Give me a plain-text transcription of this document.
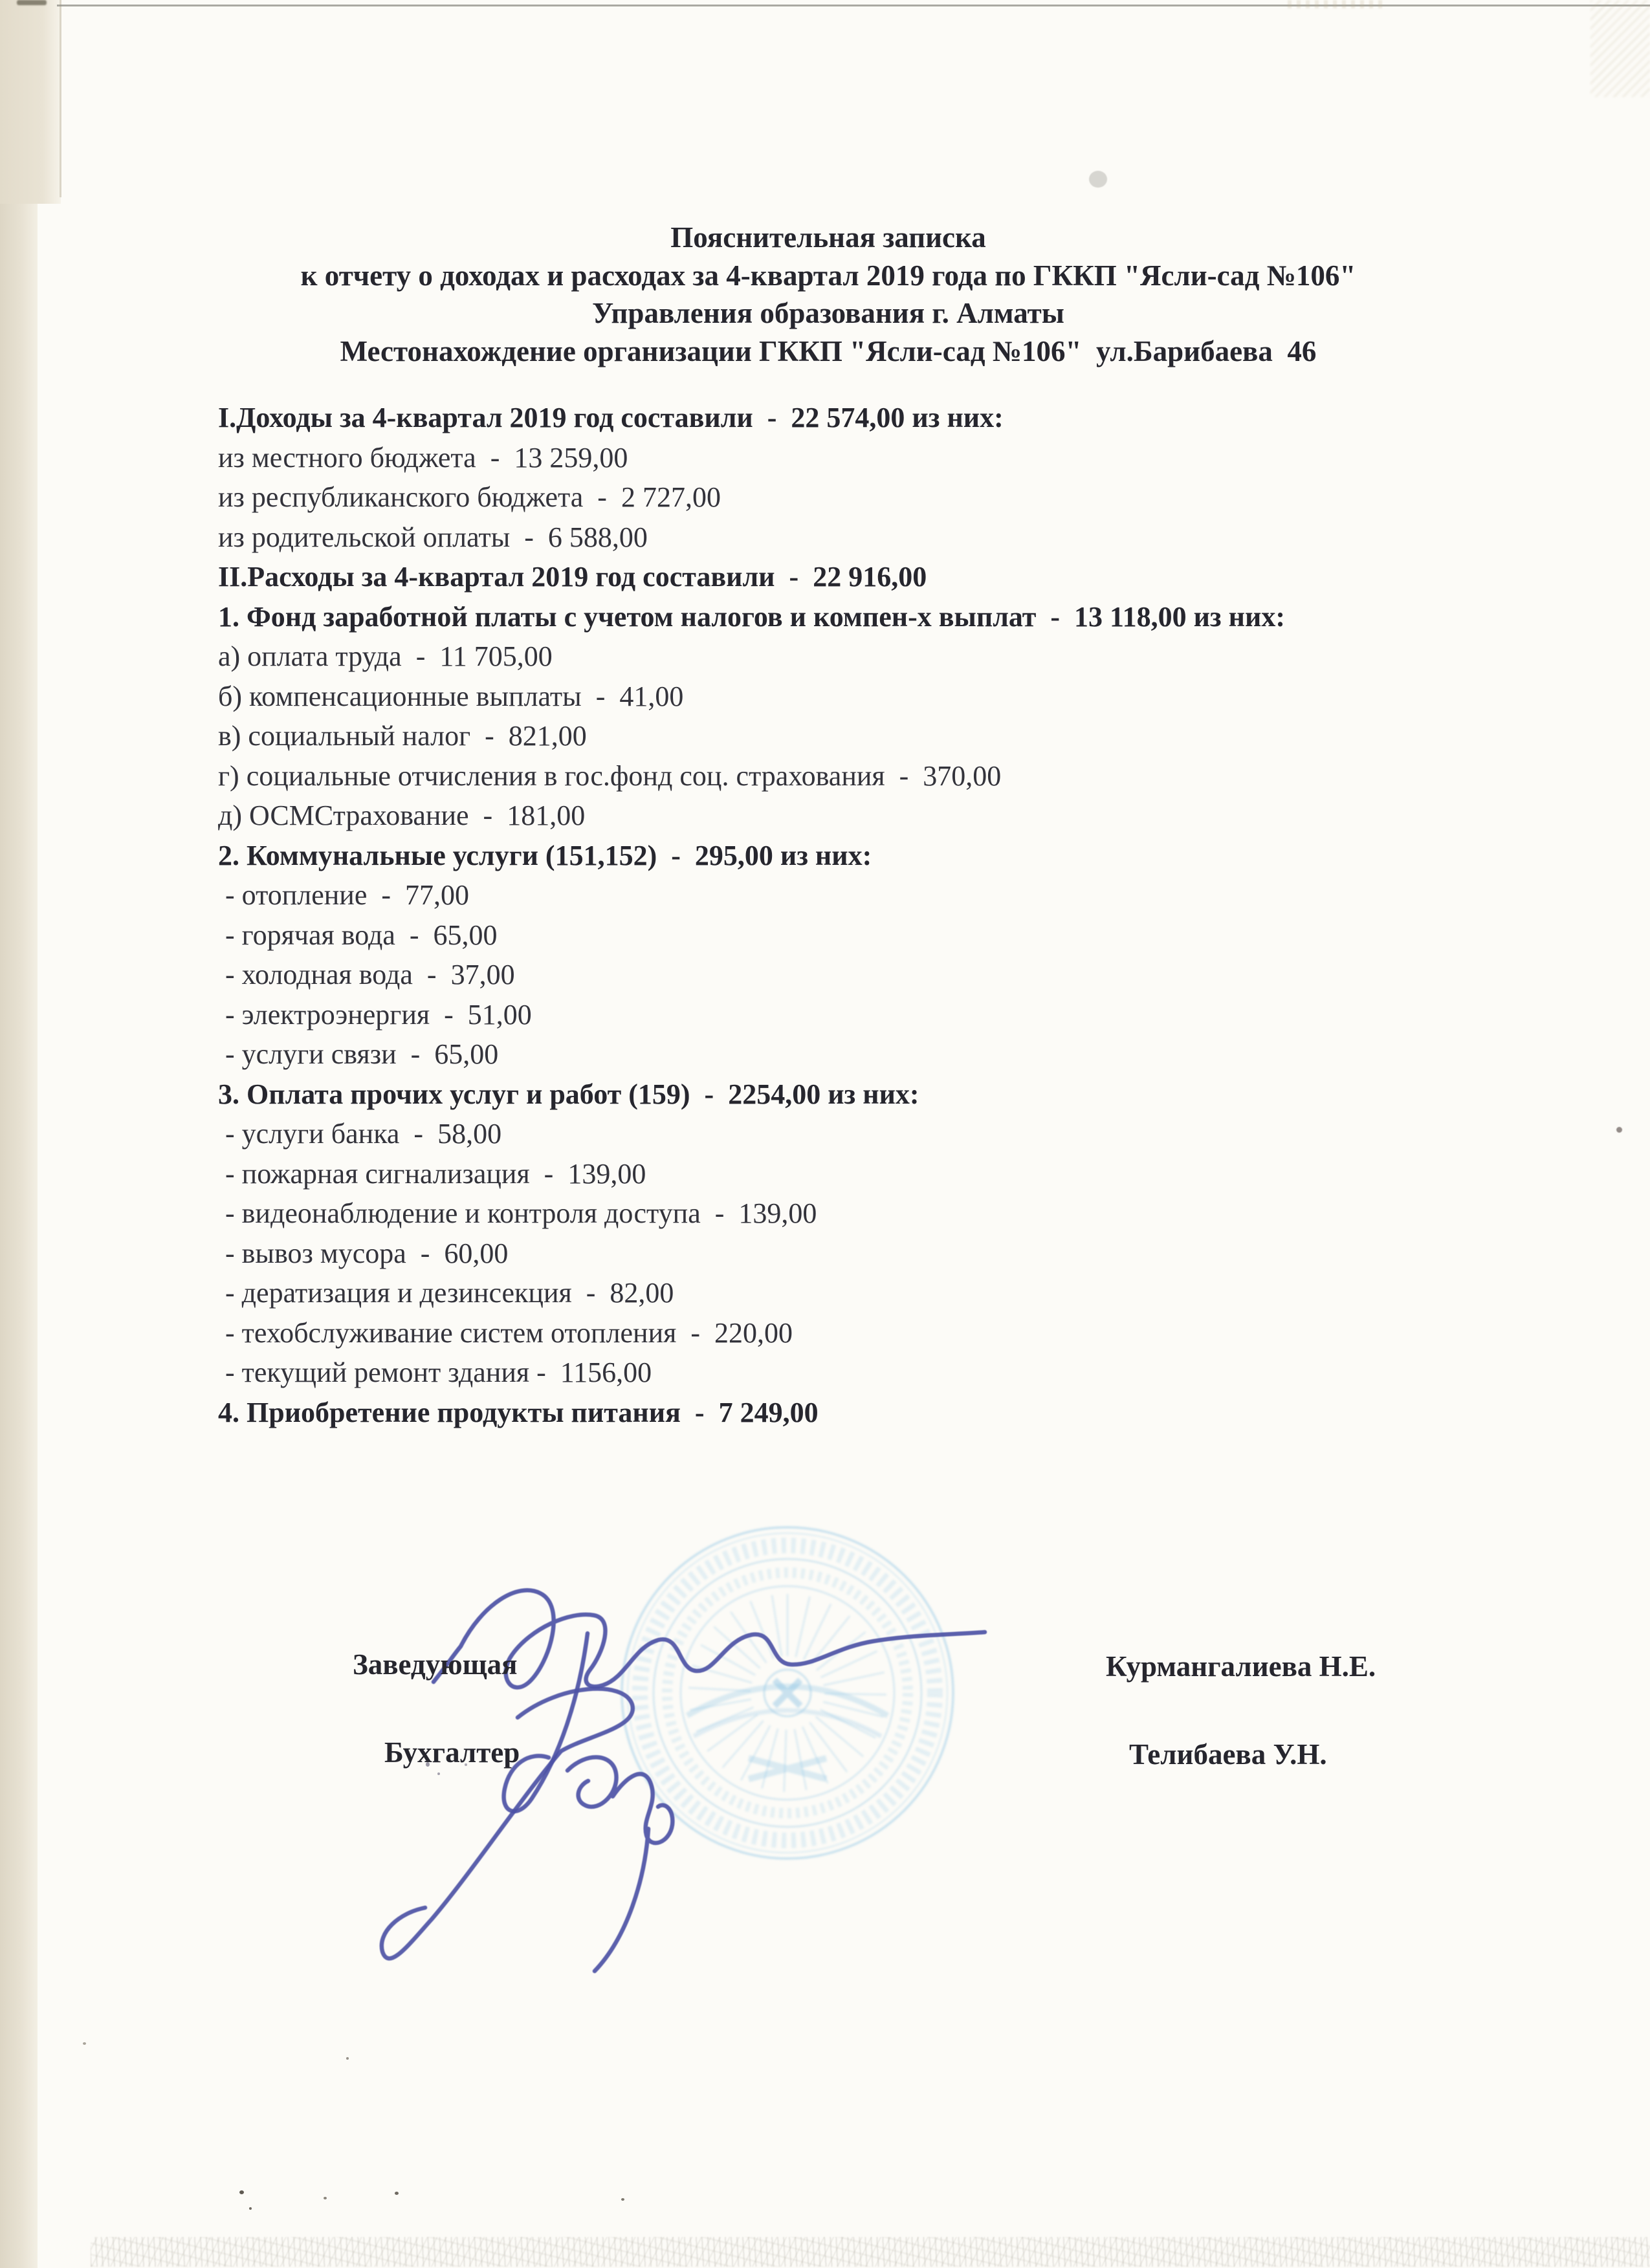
Пояснительная записка
к отчету о доходах и расходах за 4-квартал 2019 года по ГККП "Ясли-сад №106"
Управления образования г. Алматы
Местонахождение организации ГККП "Ясли-сад №106"  ул.Барибаева  46
I.Доходы за 4-квартал 2019 год составили  -  22 574,00 из них:
из местного бюджета  -  13 259,00
из республиканского бюджета  -  2 727,00
из родительской оплаты  -  6 588,00
II.Расходы за 4-квартал 2019 год составили  -  22 916,00
1. Фонд заработной платы с учетом налогов и компен-х выплат  -  13 118,00 из них:
а) оплата труда  -  11 705,00
б) компенсационные выплаты  -  41,00
в) социальный налог  -  821,00
г) социальные отчисления в гос.фонд соц. страхования  -  370,00
д) ОСМСтрахование  -  181,00
2. Коммунальные услуги (151,152)  -  295,00 из них:
- отопление  -  77,00
- горячая вода  -  65,00
- холодная вода  -  37,00
- электроэнергия  -  51,00
- услуги связи  -  65,00
3. Оплата прочих услуг и работ (159)  -  2254,00 из них:
- услуги банка  -  58,00
- пожарная сигнализация  -  139,00
- видеонаблюдение и контроля доступа  -  139,00
- вывоз мусора  -  60,00
- дератизация и дезинсекция  -  82,00
- техобслуживание систем отопления  -  220,00
- текущий ремонт здания -  1156,00
4. Приобретение продукты питания  -  7 249,00
Заведующая	Курмангалиева Н.Е.
Бухгалтер	Телибаева У.Н.
